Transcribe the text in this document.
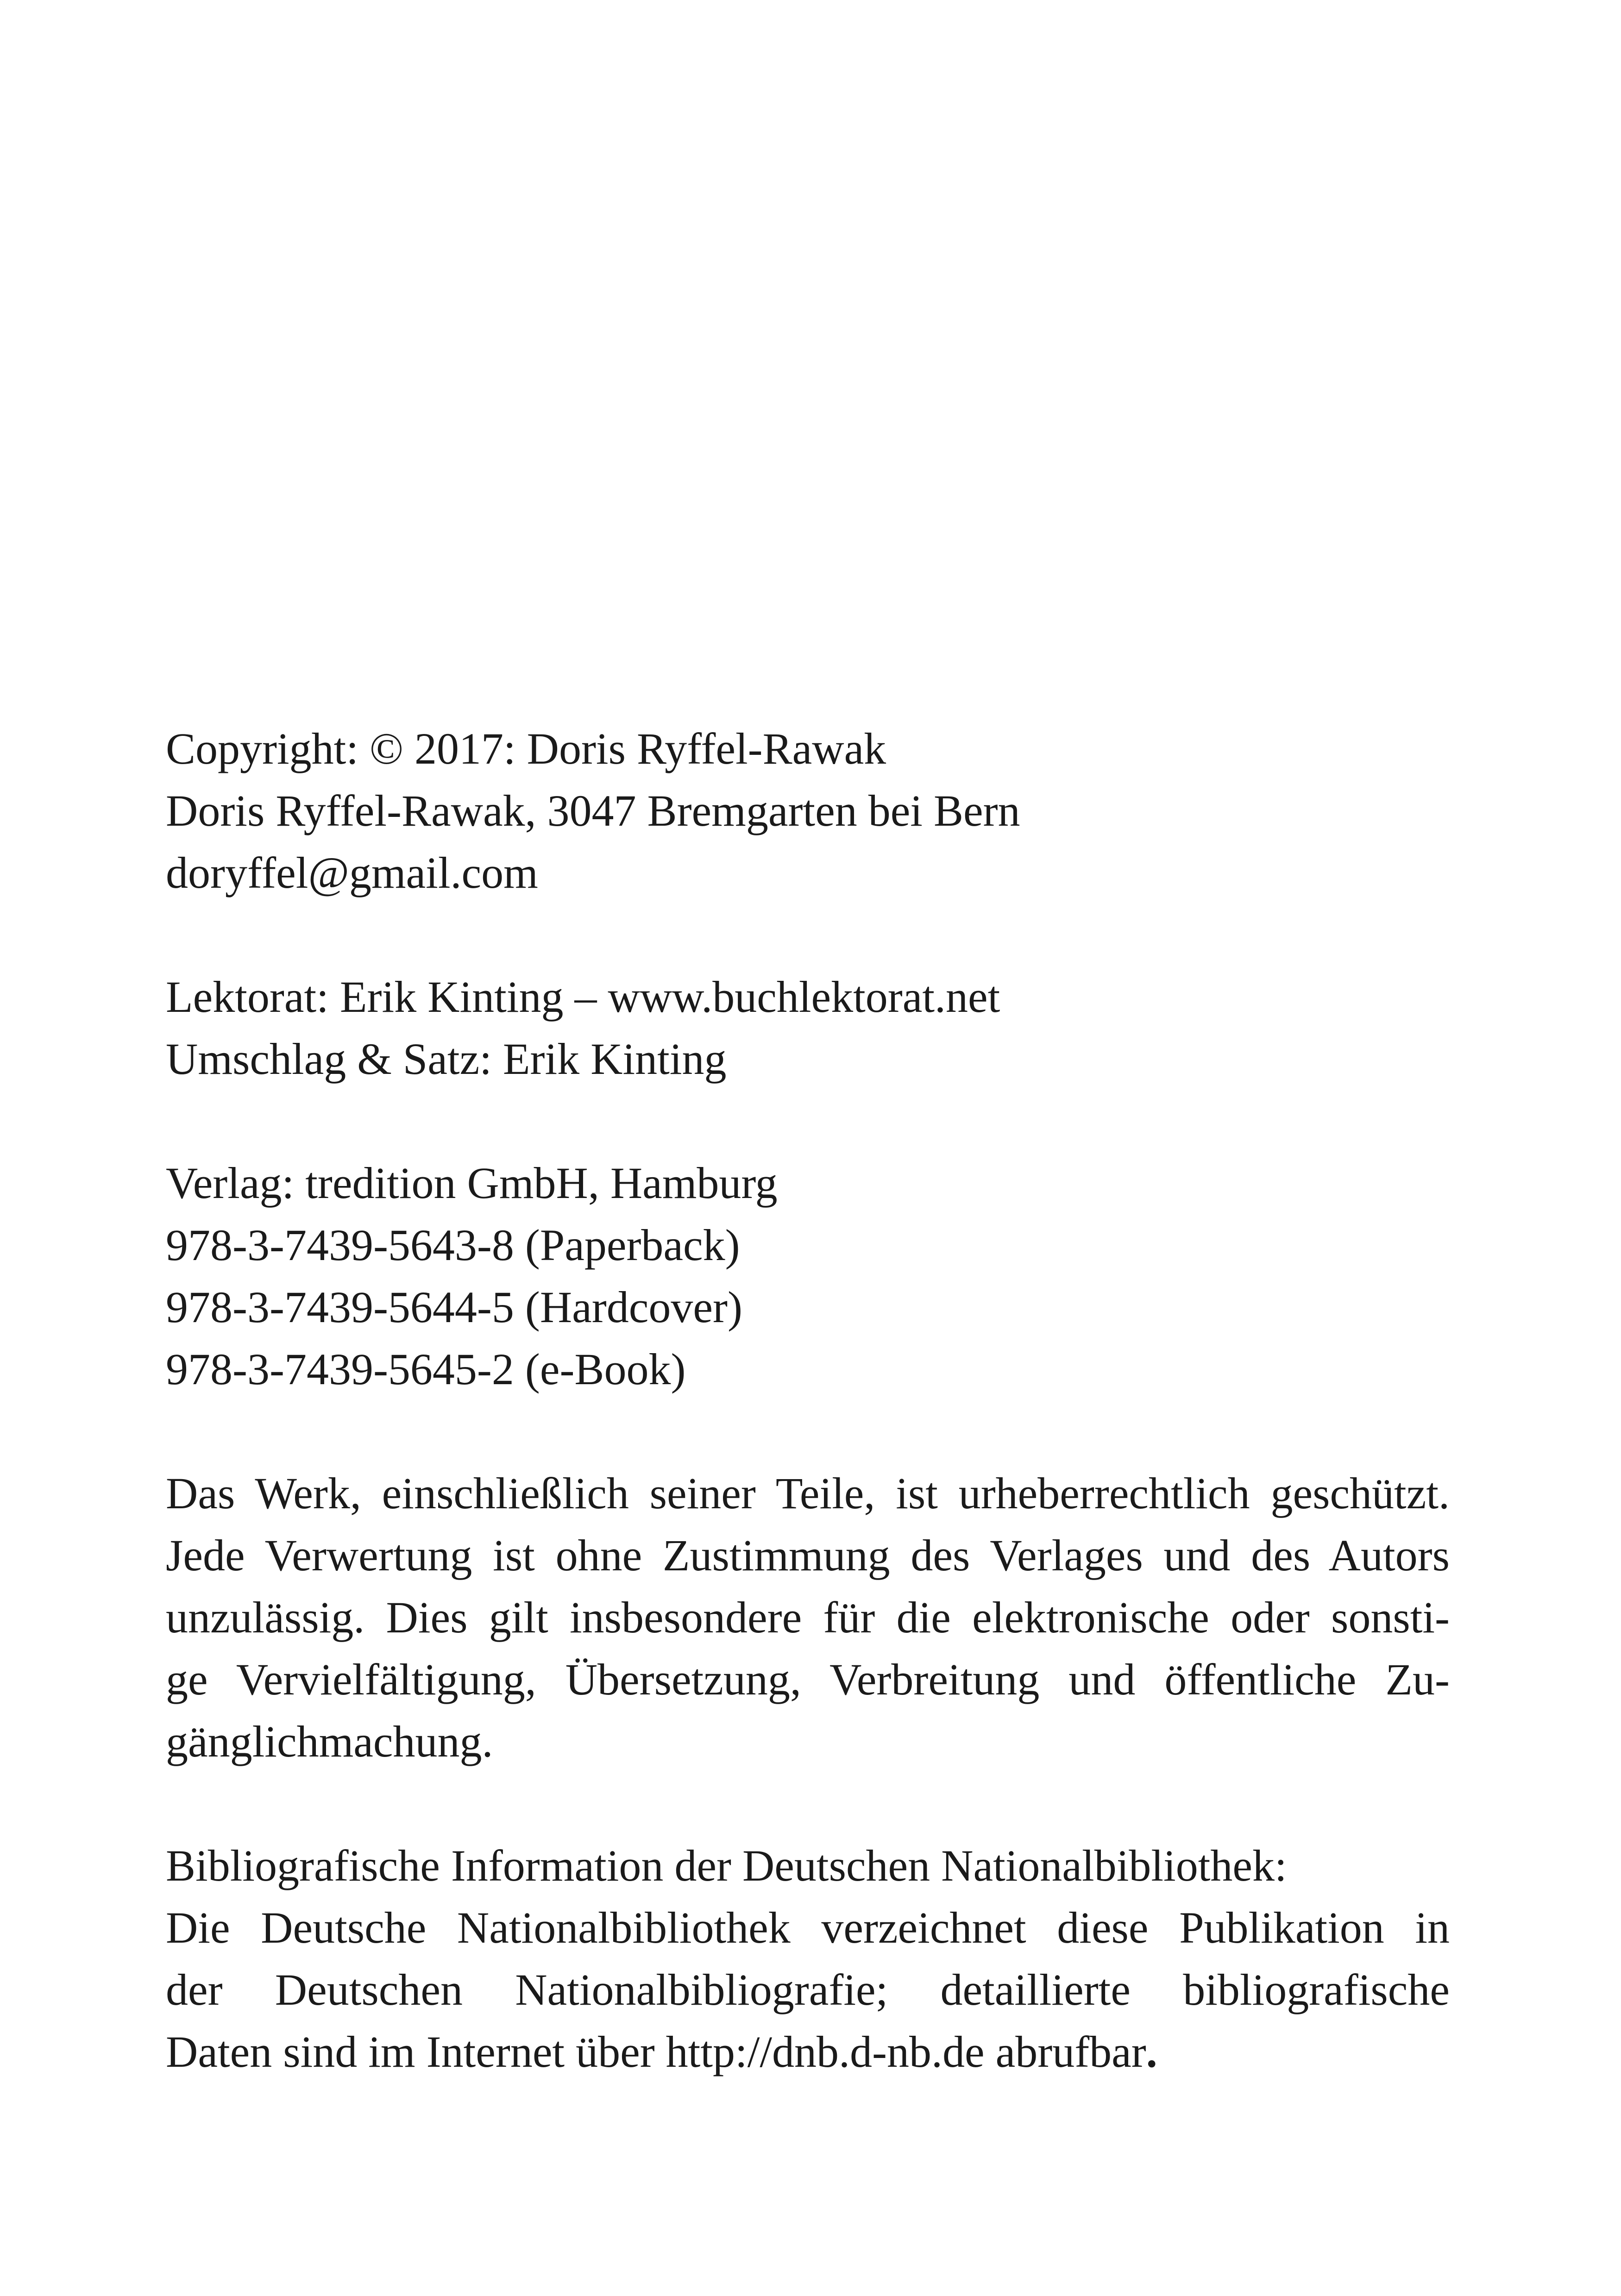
Copyright: © 2017: Doris Ryffel-Rawak
Doris Ryffel-Rawak, 3047 Bremgarten bei Bern
doryffel@gmail.com
Lektorat: Erik Kinting – www.buchlektorat.net
Umschlag & Satz: Erik Kinting
Verlag: tredition GmbH, Hamburg
978-3-7439-5643-8 (Paperback)
978-3-7439-5644-5 (Hardcover)
978-3-7439-5645-2 (e-Book)
Das Werk, einschließlich seiner Teile, ist urheberrechtlich geschützt.
Jede Verwertung ist ohne Zustimmung des Verlages und des Autors
unzulässig. Dies gilt insbesondere für die elektronische oder sonsti-
ge Vervielfältigung, Übersetzung, Verbreitung und öffentliche Zu-
gänglichmachung.
Bibliografische Information der Deutschen Nationalbibliothek:
Die Deutsche Nationalbibliothek verzeichnet diese Publikation in
der Deutschen Nationalbibliografie; detaillierte bibliografische
Daten sind im Internet über http://dnb.d-nb.de abrufbar.
